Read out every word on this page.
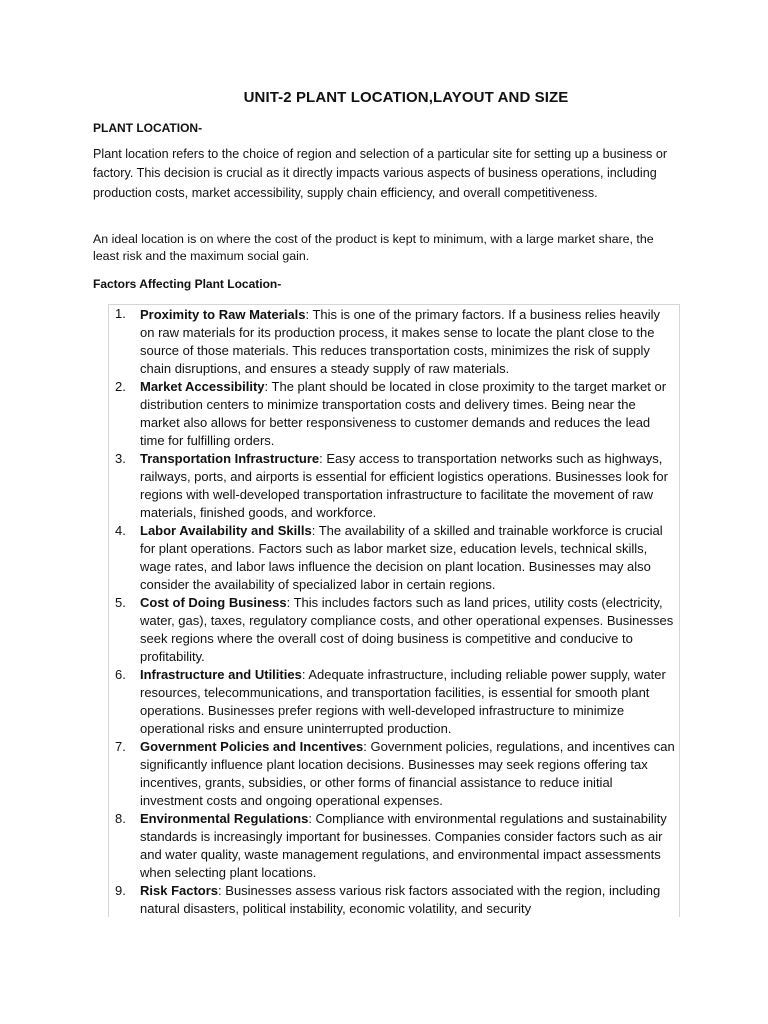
UNIT-2 PLANT LOCATION,LAYOUT AND SIZE
PLANT LOCATION-
Plant location refers to the choice of region and selection of a particular site for setting up a business or factory. This decision is crucial as it directly impacts various aspects of business operations, including production costs, market accessibility, supply chain efficiency, and overall competitiveness.
An ideal location is on where the cost of the product is kept to minimum, with a large market share, the least risk and the maximum social gain.
Factors Affecting Plant Location-
1.	Proximity to Raw Materials: This is one of the primary factors. If a business relies heavily on raw materials for its production process, it makes sense to locate the plant close to the source of those materials. This reduces transportation costs, minimizes the risk of supply chain disruptions, and ensures a steady supply of raw materials.
2.	Market Accessibility: The plant should be located in close proximity to the target market or distribution centers to minimize transportation costs and delivery times. Being near the market also allows for better responsiveness to customer demands and reduces the lead time for fulfilling orders.
3.	Transportation Infrastructure: Easy access to transportation networks such as highways, railways, ports, and airports is essential for efficient logistics operations. Businesses look for regions with well-developed transportation infrastructure to facilitate the movement of raw materials, finished goods, and workforce.
4.	Labor Availability and Skills: The availability of a skilled and trainable workforce is crucial for plant operations. Factors such as labor market size, education levels, technical skills, wage rates, and labor laws influence the decision on plant location. Businesses may also consider the availability of specialized labor in certain regions.
5.	Cost of Doing Business: This includes factors such as land prices, utility costs (electricity, water, gas), taxes, regulatory compliance costs, and other operational expenses. Businesses seek regions where the overall cost of doing business is competitive and conducive to profitability.
6.	Infrastructure and Utilities: Adequate infrastructure, including reliable power supply, water resources, telecommunications, and transportation facilities, is essential for smooth plant operations. Businesses prefer regions with well-developed infrastructure to minimize operational risks and ensure uninterrupted production.
7.	Government Policies and Incentives: Government policies, regulations, and incentives can significantly influence plant location decisions. Businesses may seek regions offering tax incentives, grants, subsidies, or other forms of financial assistance to reduce initial investment costs and ongoing operational expenses.
8.	Environmental Regulations: Compliance with environmental regulations and sustainability standards is increasingly important for businesses. Companies consider factors such as air and water quality, waste management regulations, and environmental impact assessments when selecting plant locations.
9.	Risk Factors: Businesses assess various risk factors associated with the region, including natural disasters, political instability, economic volatility, and security
